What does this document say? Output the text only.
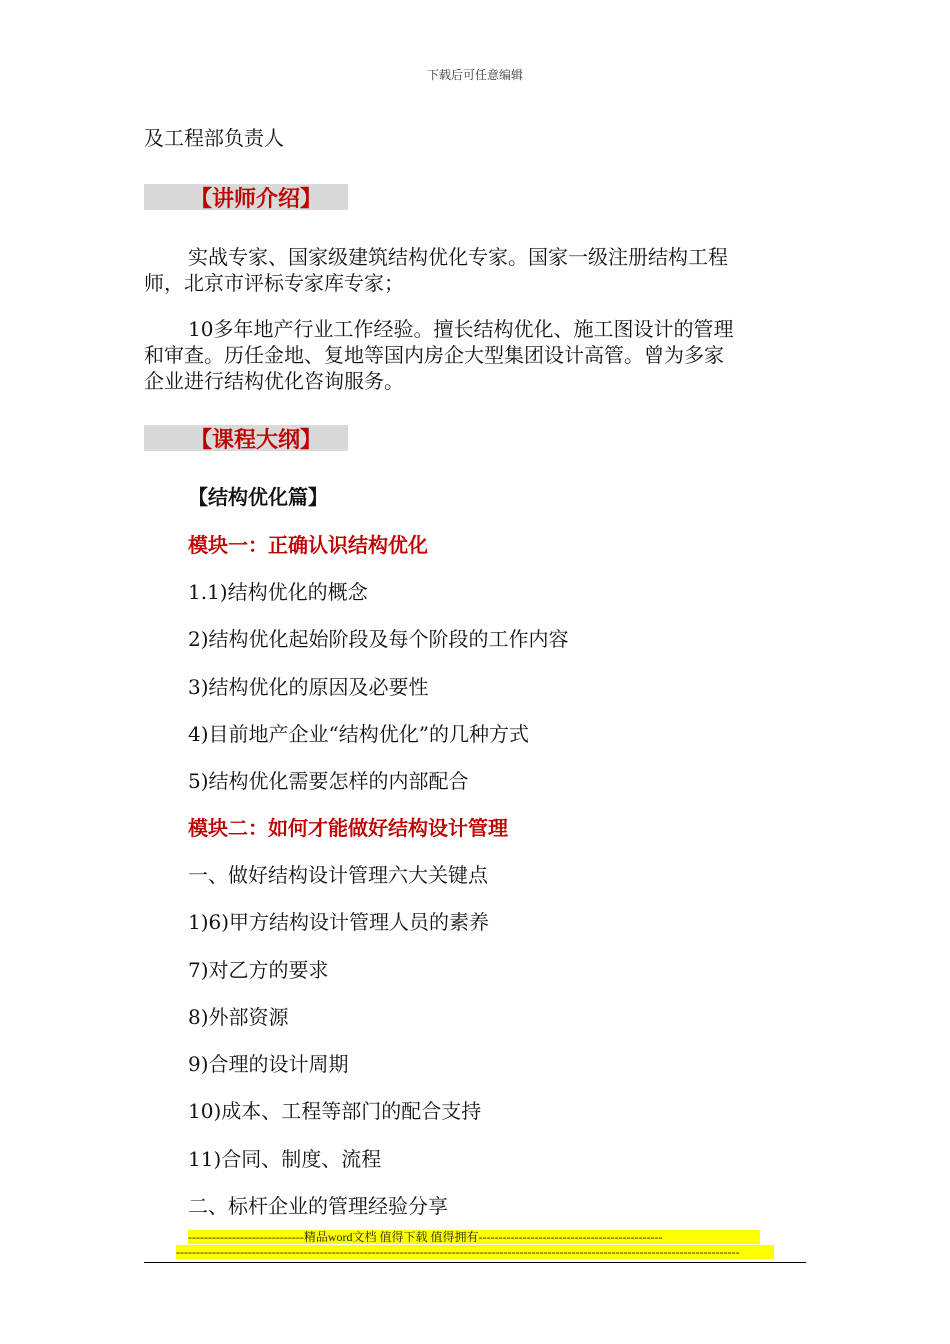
下载后可任意编辑
及工程部负责人
【讲师介绍】
实战专家、国家级建筑结构优化专家。国家一级注册结构工程
师，北京市评标专家库专家；
10多年地产行业工作经验。擅长结构优化、施工图设计的管理
和审查。历任金地、复地等国内房企大型集团设计高管。曾为多家
企业进行结构优化咨询服务。
【课程大纲】
【结构优化篇】
模块一：正确认识结构优化
1.1)结构优化的概念
2)结构优化起始阶段及每个阶段的工作内容
3)结构优化的原因及必要性
4)目前地产企业“结构优化”的几种方式
5)结构优化需要怎样的内部配合
模块二：如何才能做好结构设计管理
一、做好结构设计管理六大关键点
1)6)甲方结构设计管理人员的素养
7)对乙方的要求
8)外部资源
9)合理的设计周期
10)成本、工程等部门的配合支持
11)合同、制度、流程
二、标杆企业的管理经验分享
-----------------------------精品word文档 值得下载 值得拥有----------------------------------------------
---------------------------------------------------------------------------------------------------------------------------------------------
